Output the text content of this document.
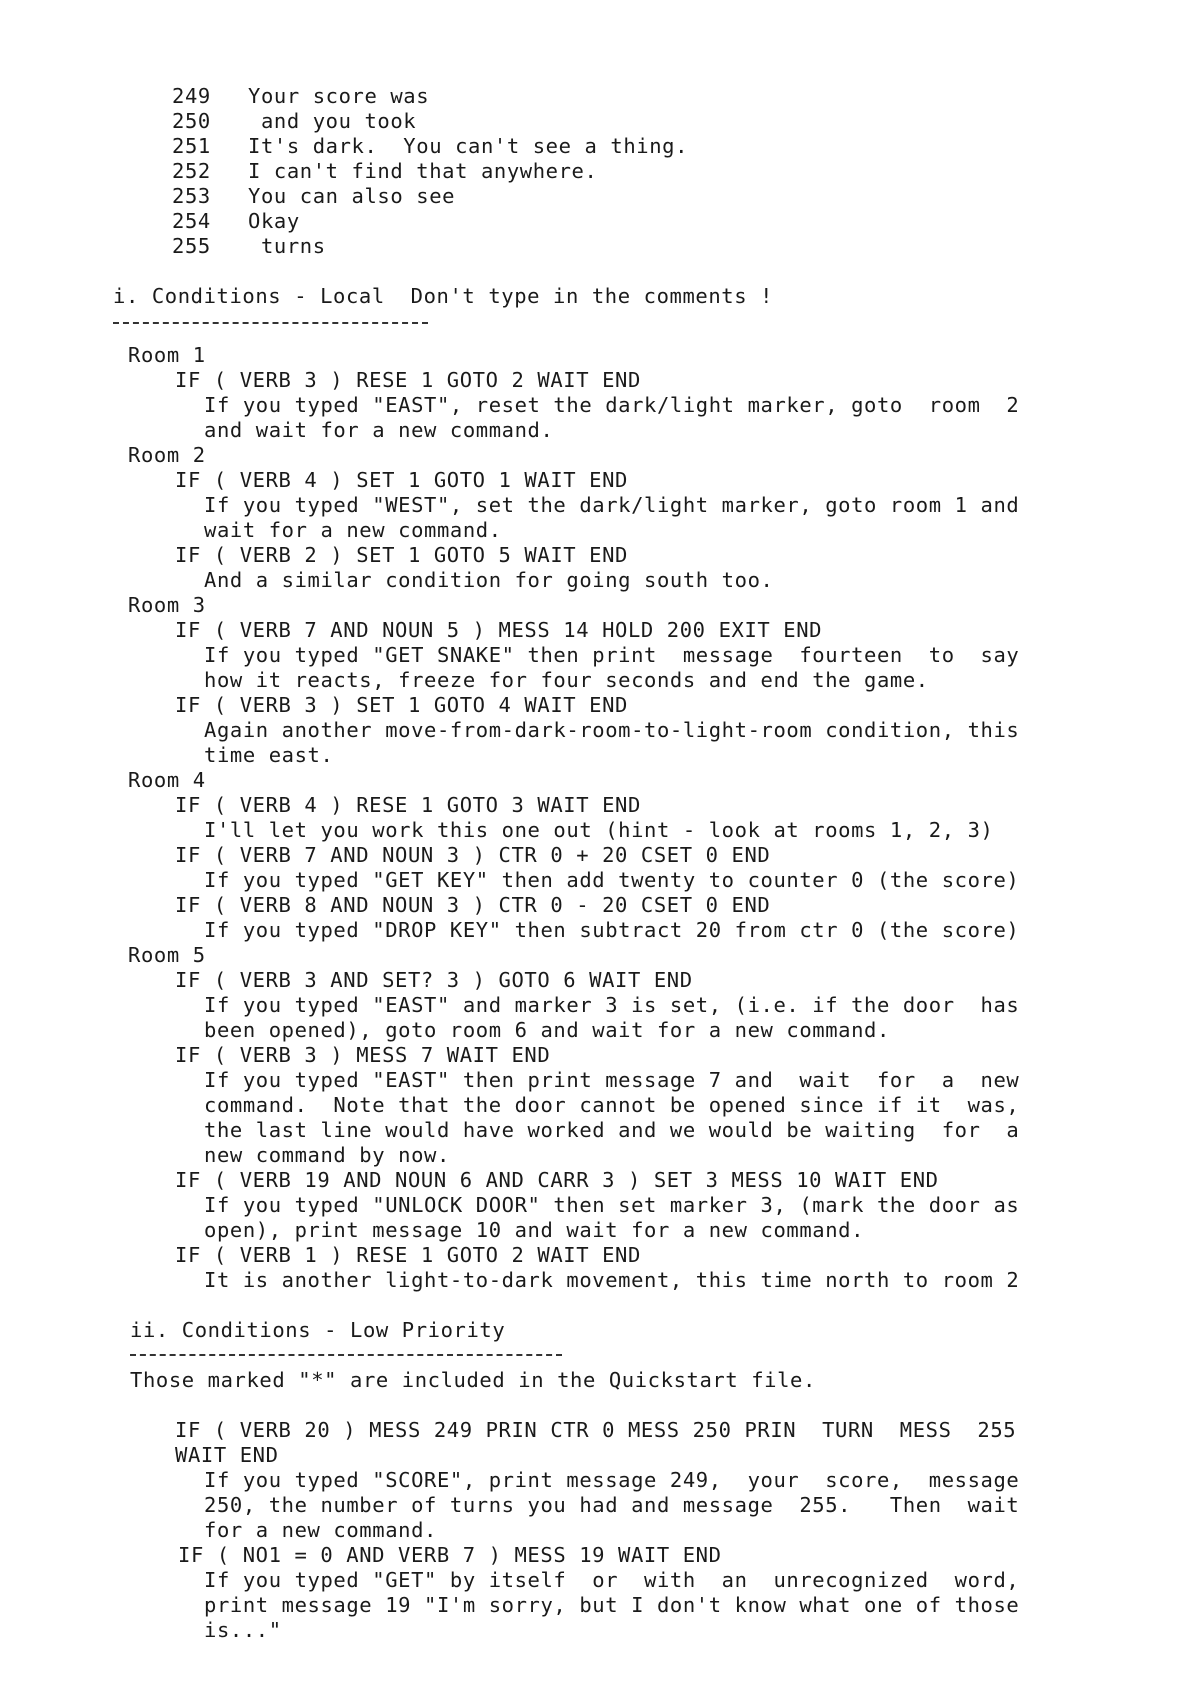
249 Your score was
250 and you took
251 It's dark.  You can't see a thing.
252 I can't find that anywhere.
253 You can also see
254 Okay
255 turns
i. Conditions - Local  Don't type in the comments !
Room 1
IF ( VERB 3 ) RESE 1 GOTO 2 WAIT END
If you typed "EAST", reset the dark/light marker, goto  room  2
and wait for a new command.
Room 2
IF ( VERB 4 ) SET 1 GOTO 1 WAIT END
If you typed "WEST", set the dark/light marker, goto room 1 and
wait for a new command.
IF ( VERB 2 ) SET 1 GOTO 5 WAIT END
And a similar condition for going south too.
Room 3
IF ( VERB 7 AND NOUN 5 ) MESS 14 HOLD 200 EXIT END
If you typed "GET SNAKE" then print  message  fourteen  to  say
how it reacts, freeze for four seconds and end the game.
IF ( VERB 3 ) SET 1 GOTO 4 WAIT END
Again another move-from-dark-room-to-light-room condition, this
time east.
Room 4
IF ( VERB 4 ) RESE 1 GOTO 3 WAIT END
I'll let you work this one out (hint - look at rooms 1, 2, 3)
IF ( VERB 7 AND NOUN 3 ) CTR 0 + 20 CSET 0 END
If you typed "GET KEY" then add twenty to counter 0 (the score)
IF ( VERB 8 AND NOUN 3 ) CTR 0 - 20 CSET 0 END
If you typed "DROP KEY" then subtract 20 from ctr 0 (the score)
Room 5
IF ( VERB 3 AND SET? 3 ) GOTO 6 WAIT END
If you typed "EAST" and marker 3 is set, (i.e. if the door  has
been opened), goto room 6 and wait for a new command.
IF ( VERB 3 ) MESS 7 WAIT END
If you typed "EAST" then print message 7 and  wait  for  a  new
command.  Note that the door cannot be opened since if it  was,
the last line would have worked and we would be waiting  for  a
new command by now.
IF ( VERB 19 AND NOUN 6 AND CARR 3 ) SET 3 MESS 10 WAIT END
If you typed "UNLOCK DOOR" then set marker 3, (mark the door as
open), print message 10 and wait for a new command.
IF ( VERB 1 ) RESE 1 GOTO 2 WAIT END
It is another light-to-dark movement, this time north to room 2
ii. Conditions - Low Priority
Those marked "*" are included in the Quickstart file.
IF ( VERB 20 ) MESS 249 PRIN CTR 0 MESS 250 PRIN  TURN  MESS  255
WAIT END
If you typed "SCORE", print message 249,  your  score,  message
250, the number of turns you had and message  255.   Then  wait
for a new command.
IF ( NO1 = 0 AND VERB 7 ) MESS 19 WAIT END
If you typed "GET" by itself  or  with  an  unrecognized  word,
print message 19 "I'm sorry, but I don't know what one of those
is..."
